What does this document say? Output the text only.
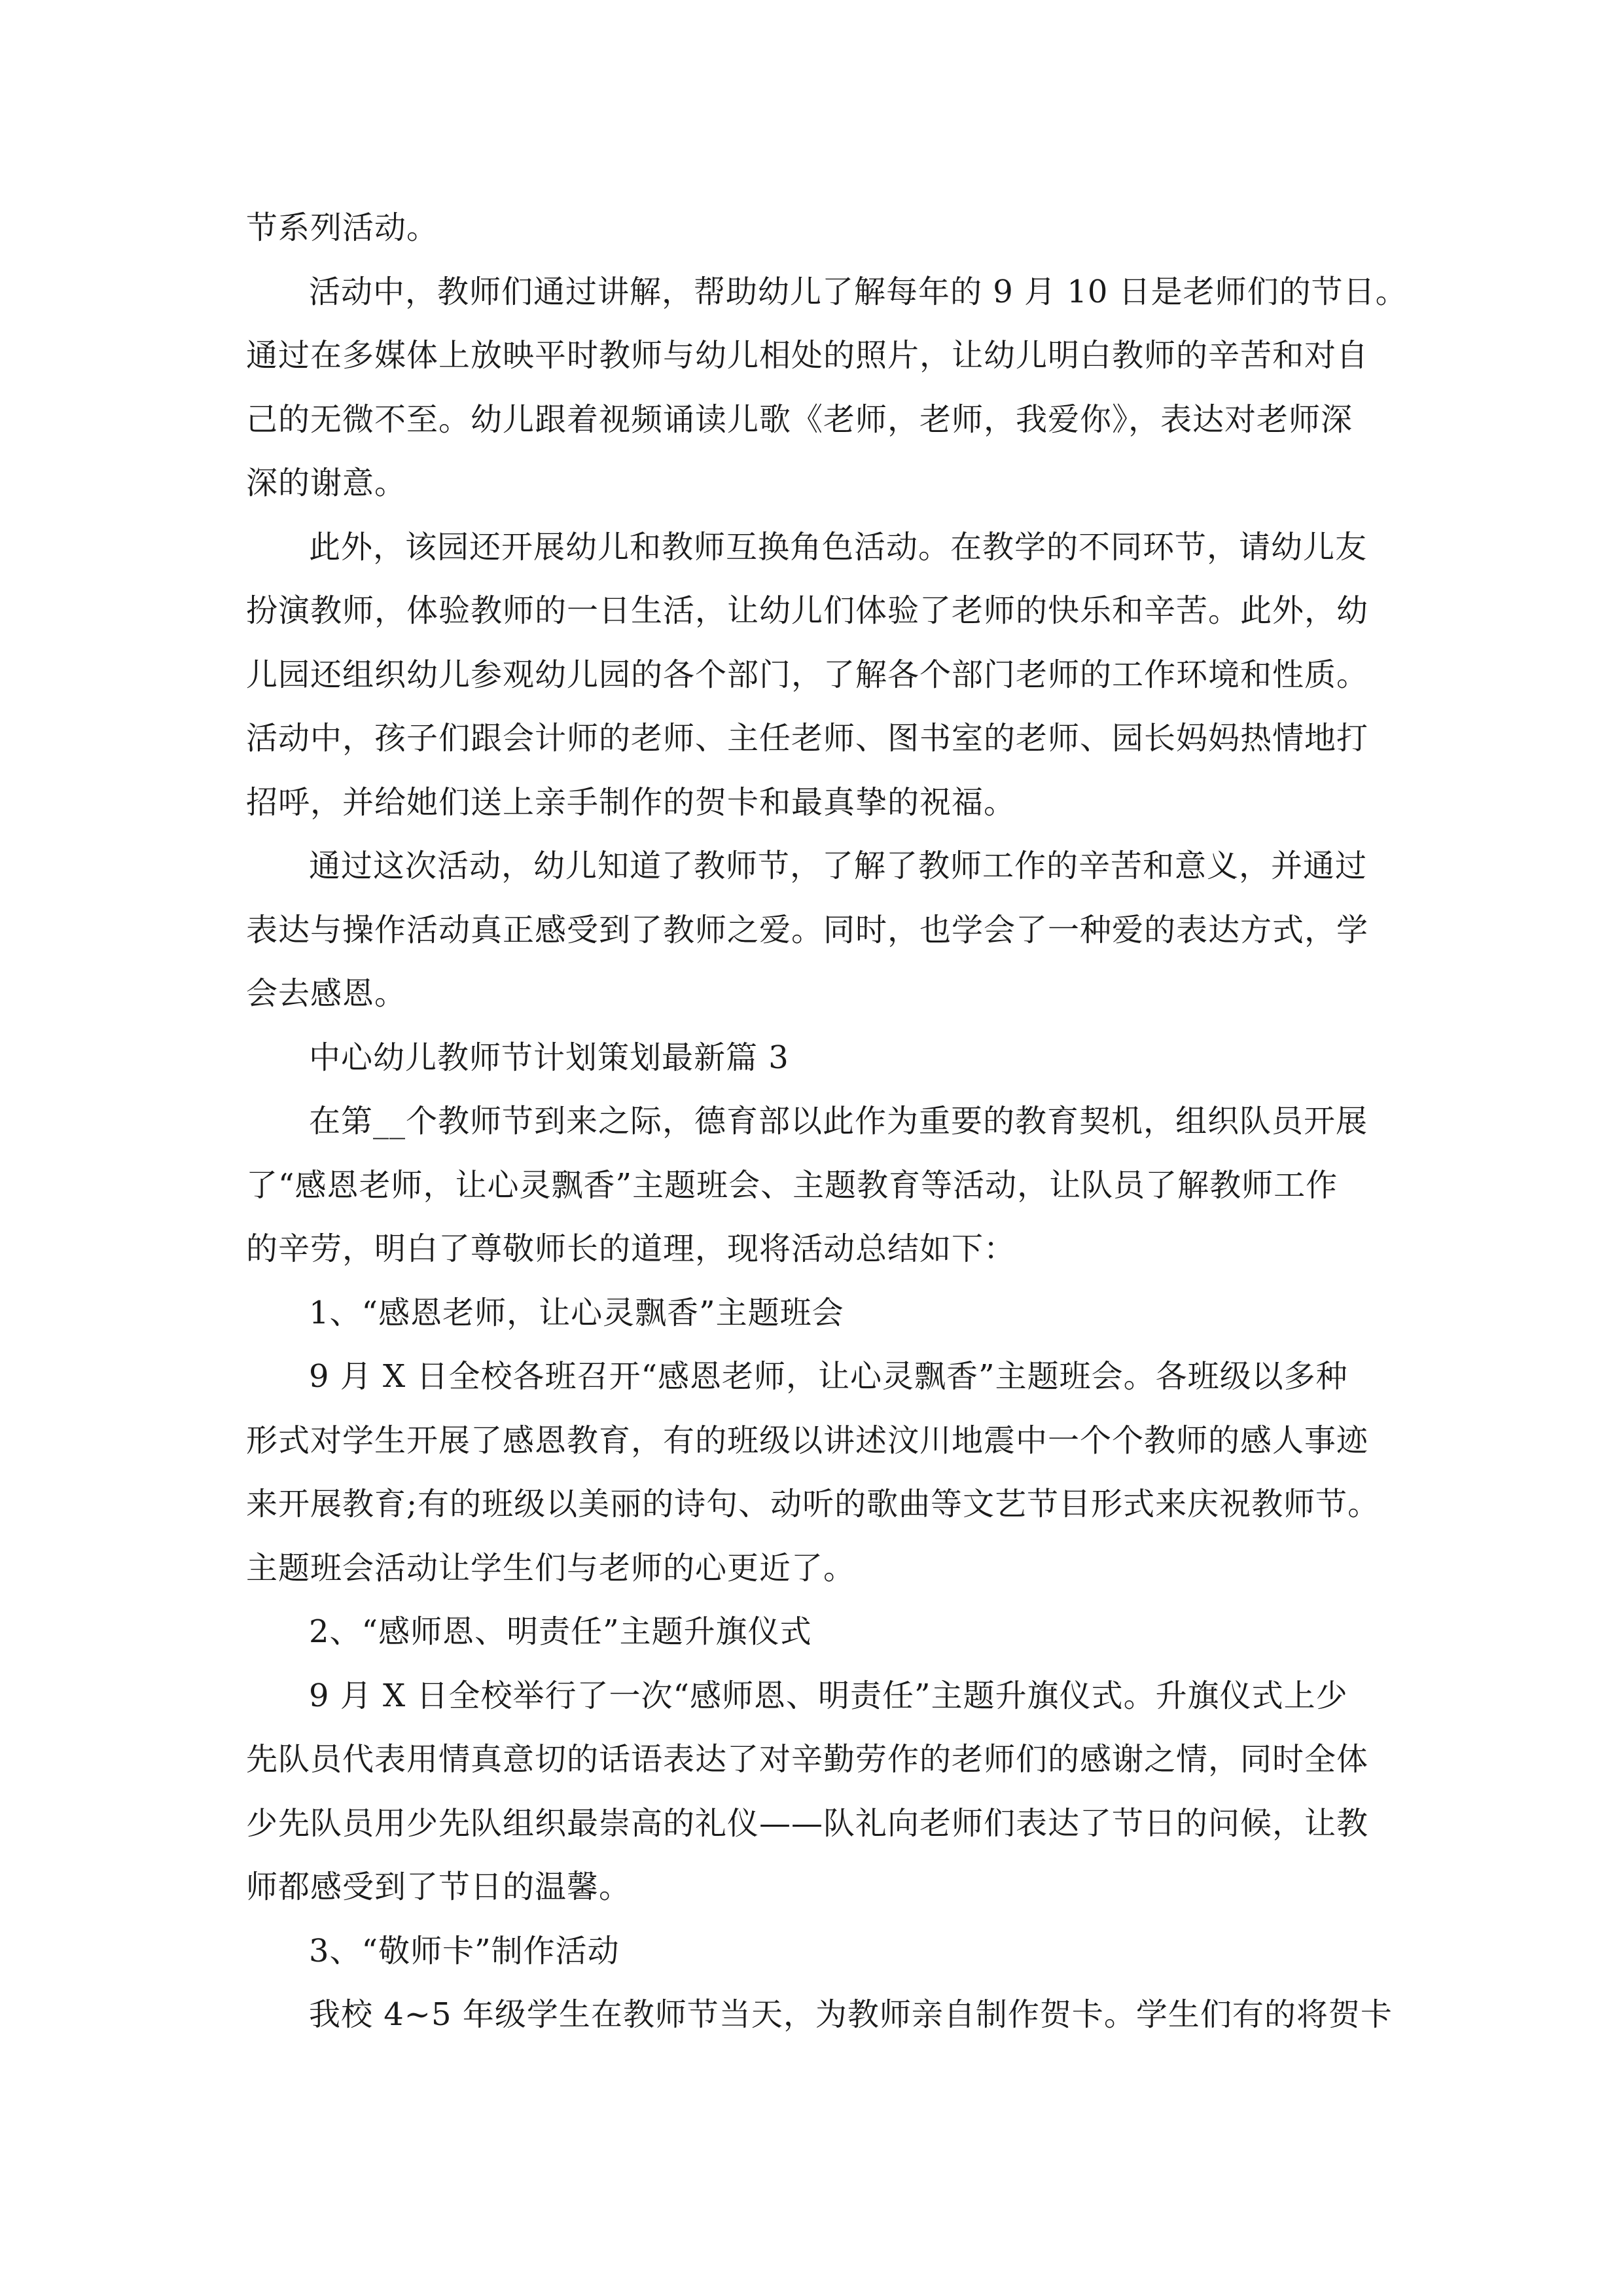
节系列活动。
活动中，教师们通过讲解，帮助幼儿了解每年的 9 月 10 日是老师们的节日。
通过在多媒体上放映平时教师与幼儿相处的照片，让幼儿明白教师的辛苦和对自
己的无微不至。幼儿跟着视频诵读儿歌《老师，老师，我爱你》，表达对老师深
深的谢意。
此外，该园还开展幼儿和教师互换角色活动。在教学的不同环节，请幼儿友
扮演教师，体验教师的一日生活，让幼儿们体验了老师的快乐和辛苦。此外，幼
儿园还组织幼儿参观幼儿园的各个部门，了解各个部门老师的工作环境和性质。
活动中，孩子们跟会计师的老师、主任老师、图书室的老师、园长妈妈热情地打
招呼，并给她们送上亲手制作的贺卡和最真挚的祝福。
通过这次活动，幼儿知道了教师节，了解了教师工作的辛苦和意义，并通过
表达与操作活动真正感受到了教师之爱。同时，也学会了一种爱的表达方式，学
会去感恩。
中心幼儿教师节计划策划最新篇 3
在第__个教师节到来之际，德育部以此作为重要的教育契机，组织队员开展
了“感恩老师，让心灵飘香”主题班会、主题教育等活动，让队员了解教师工作
的辛劳，明白了尊敬师长的道理，现将活动总结如下：
1、“感恩老师，让心灵飘香”主题班会
9 月 X 日全校各班召开“感恩老师，让心灵飘香”主题班会。各班级以多种
形式对学生开展了感恩教育，有的班级以讲述汶川地震中一个个教师的感人事迹
来开展教育;有的班级以美丽的诗句、动听的歌曲等文艺节目形式来庆祝教师节。
主题班会活动让学生们与老师的心更近了。
2、“感师恩、明责任”主题升旗仪式
9 月 X 日全校举行了一次“感师恩、明责任”主题升旗仪式。升旗仪式上少
先队员代表用情真意切的话语表达了对辛勤劳作的老师们的感谢之情，同时全体
少先队员用少先队组织最崇高的礼仪——队礼向老师们表达了节日的问候，让教
师都感受到了节日的温馨。
3、“敬师卡”制作活动
我校 4~5 年级学生在教师节当天，为教师亲自制作贺卡。学生们有的将贺卡
